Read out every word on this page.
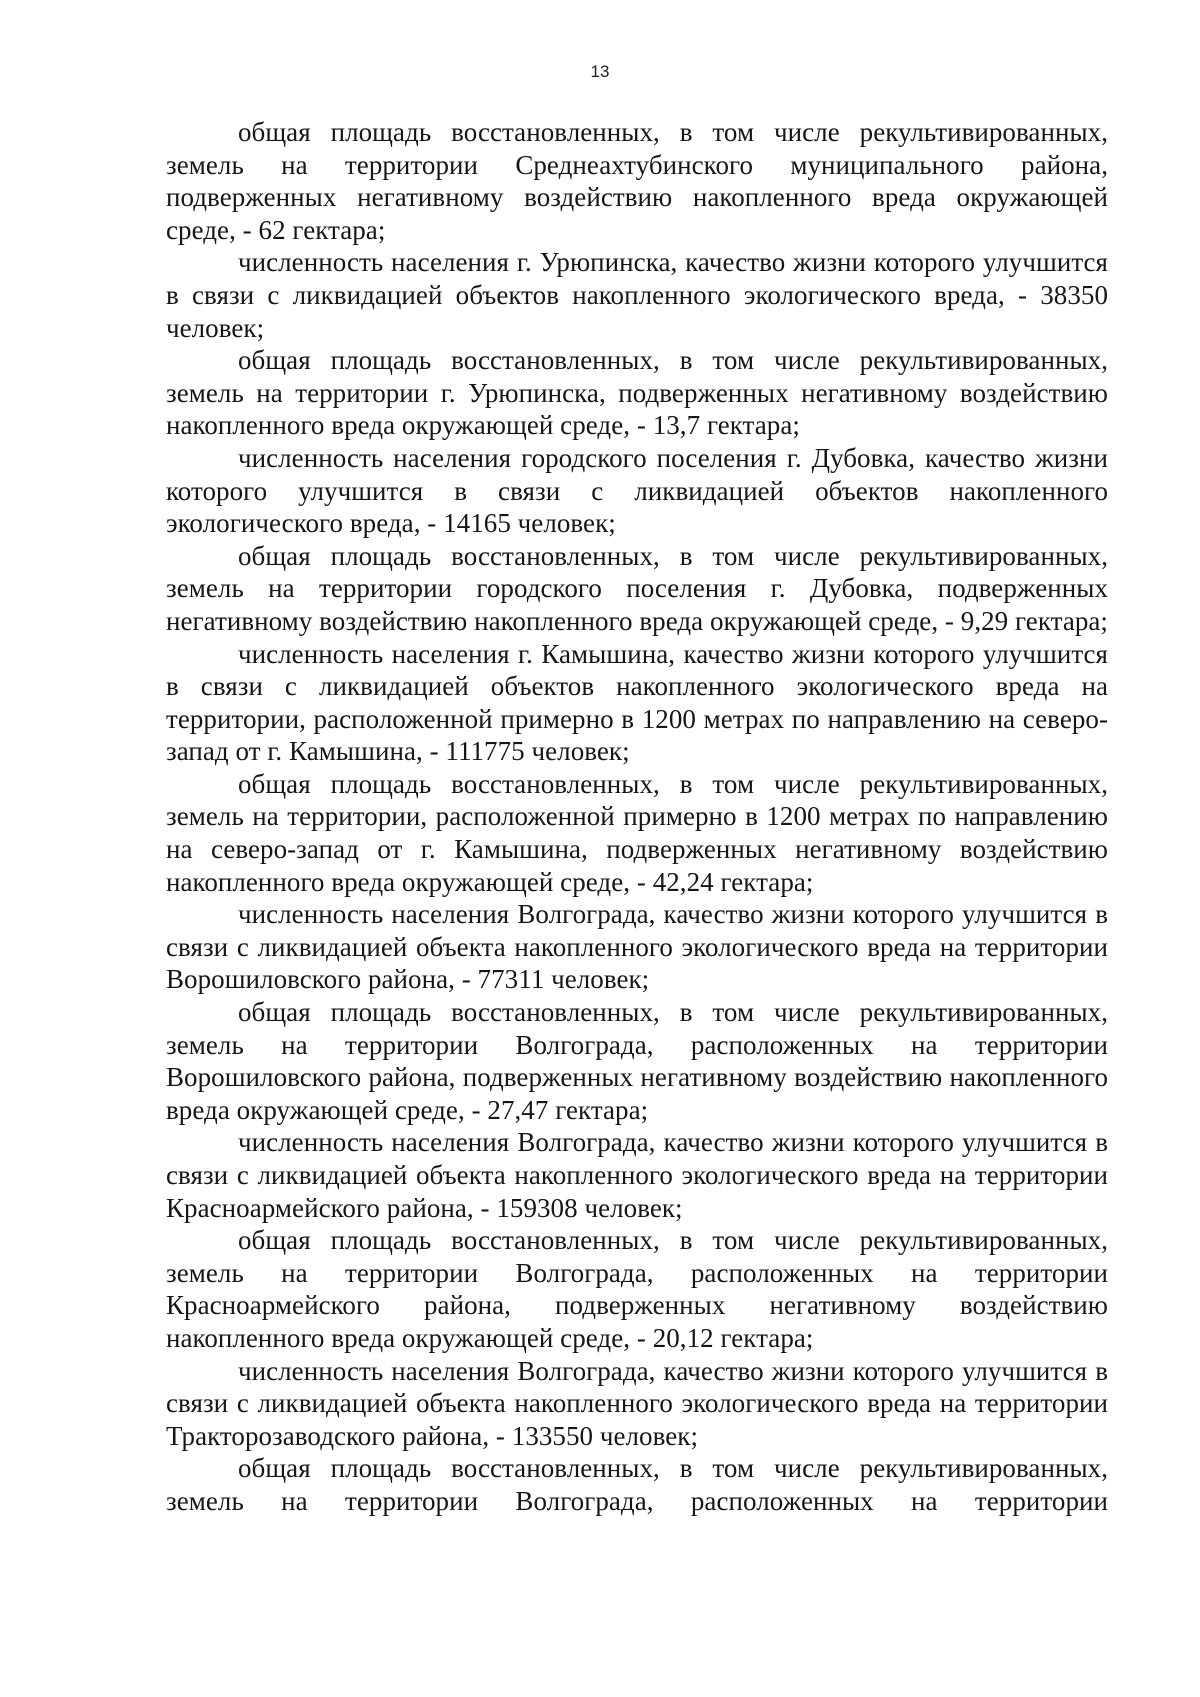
13

общая площадь восстановленных, в том числе рекультивированных, земель на территории Среднеахтубинского муниципального района, подверженных негативному воздействию накопленного вреда окружающей среде, - 62 гектара;

численность населения г. Урюпинска, качество жизни которого улучшится в связи с ликвидацией объектов накопленного экологического вреда, - 38350 человек;

общая площадь восстановленных, в том числе рекультивированных, земель на территории г. Урюпинска, подверженных негативному воздействию накопленного вреда окружающей среде, - 13,7 гектара;

численность населения городского поселения г. Дубовка, качество жизни которого улучшится в связи с ликвидацией объектов накопленного экологического вреда, - 14165 человек;

общая площадь восстановленных, в том числе рекультивированных, земель на территории городского поселения г. Дубовка, подверженных негативному воздействию накопленного вреда окружающей среде, - 9,29 гектара;

численность населения г. Камышина, качество жизни которого улучшится в связи с ликвидацией объектов накопленного экологического вреда на территории, расположенной примерно в 1200 метрах по направлению на северо-запад от г. Камышина, - 111775 человек;

общая площадь восстановленных, в том числе рекультивированных, земель на территории, расположенной примерно в 1200 метрах по направлению на северо-запад от г. Камышина, подверженных негативному воздействию накопленного вреда окружающей среде, - 42,24 гектара;

численность населения Волгограда, качество жизни которого улучшится в связи с ликвидацией объекта накопленного экологического вреда на территории Ворошиловского района, - 77311 человек;

общая площадь восстановленных, в том числе рекультивированных, земель на территории Волгограда, расположенных на территории Ворошиловского района, подверженных негативному воздействию накопленного вреда окружающей среде, - 27,47 гектара;

численность населения Волгограда, качество жизни которого улучшится в связи с ликвидацией объекта накопленного экологического вреда на территории Красноармейского района, - 159308 человек;

общая площадь восстановленных, в том числе рекультивированных, земель на территории Волгограда, расположенных на территории Красноармейского района, подверженных негативному воздействию накопленного вреда окружающей среде, - 20,12 гектара;

численность населения Волгограда, качество жизни которого улучшится в связи с ликвидацией объекта накопленного экологического вреда на территории Тракторозаводского района, - 133550 человек;

общая площадь восстановленных, в том числе рекультивированных, земель на территории Волгограда, расположенных на территории
